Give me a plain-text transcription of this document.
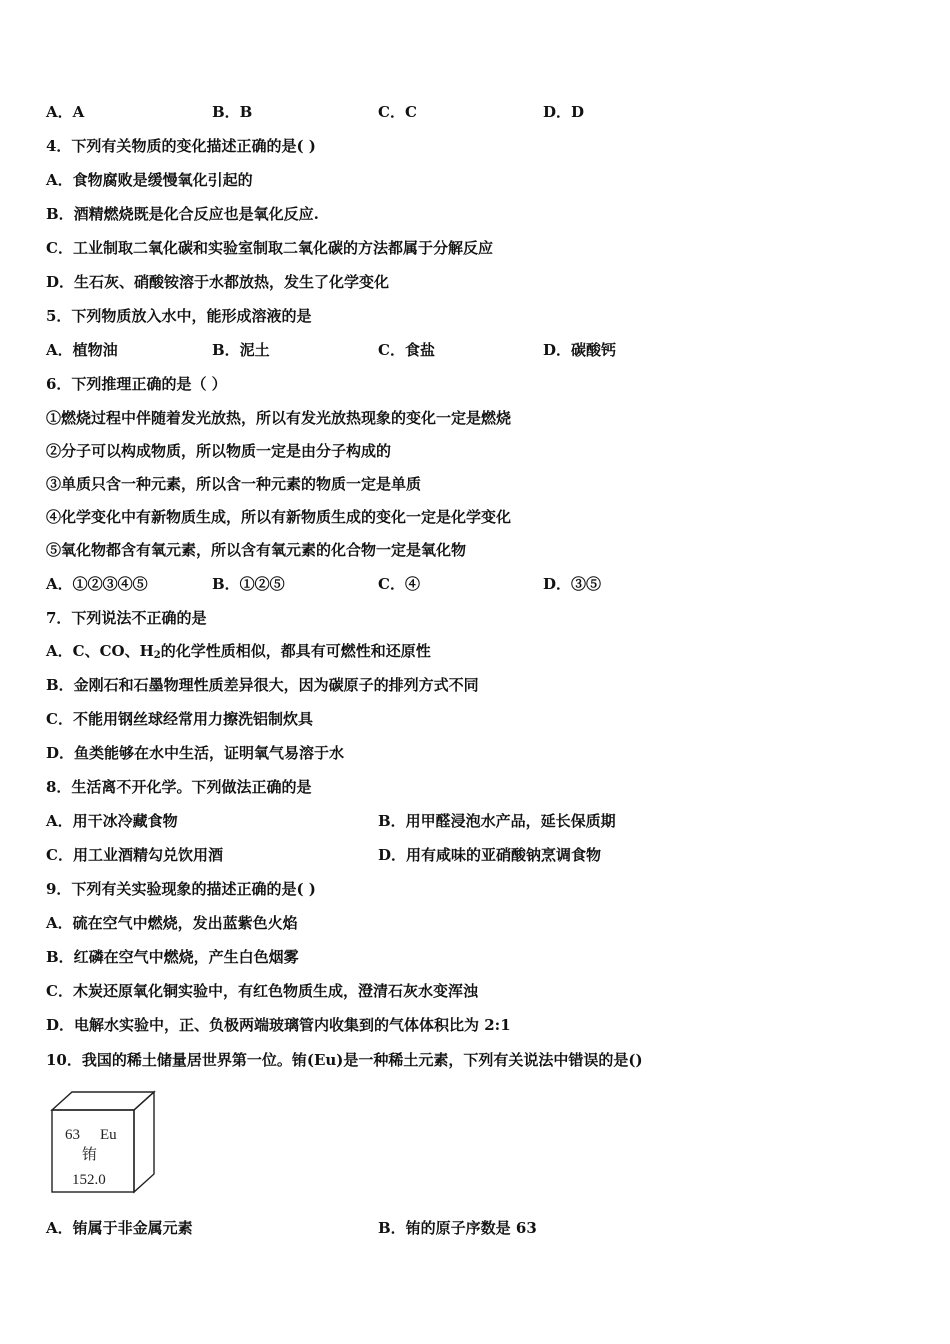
A．A	B．B	C．C	D．D
4．下列有关物质的变化描述正确的是( )
A．食物腐败是缓慢氧化引起的
B．酒精燃烧既是化合反应也是氧化反应.
C．工业制取二氧化碳和实验室制取二氧化碳的方法都属于分解反应
D．生石灰、硝酸铵溶于水都放热，发生了化学变化
5．下列物质放入水中，能形成溶液的是
A．植物油	B．泥土	C．食盐	D．碳酸钙
6．下列推理正确的是（ ）
①燃烧过程中伴随着发光放热，所以有发光放热现象的变化一定是燃烧
②分子可以构成物质，所以物质一定是由分子构成的
③单质只含一种元素，所以含一种元素的物质一定是单质
④化学变化中有新物质生成，所以有新物质生成的变化一定是化学变化
⑤氧化物都含有氧元素，所以含有氧元素的化合物一定是氧化物
A．①②③④⑤	B．①②⑤	C．④	D．③⑤
7．下列说法不正确的是
A．C、CO、$H_2$的化学性质相似，都具有可燃性和还原性
B．金刚石和石墨物理性质差异很大，因为碳原子的排列方式不同
C．不能用钢丝球经常用力擦洗铝制炊具
D．鱼类能够在水中生活，证明氧气易溶于水
8．生活离不开化学。下列做法正确的是
A．用干冰冷藏食物	B．用甲醛浸泡水产品，延长保质期
C．用工业酒精勾兑饮用酒	D．用有咸味的亚硝酸钠烹调食物
9．下列有关实验现象的描述正确的是( )
A．硫在空气中燃烧，发出蓝紫色火焰
B．红磷在空气中燃烧，产生白色烟雾
C．木炭还原氧化铜实验中，有红色物质生成，澄清石灰水变浑浊
D．电解水实验中，正、负极两端玻璃管内收集到的气体体积比为 2:1
10．我国的稀土储量居世界第一位。铕(Eu)是一种稀土元素，下列有关说法中错误的是()
63 Eu
铕
152.0
A．铕属于非金属元素	B．铕的原子序数是 63
